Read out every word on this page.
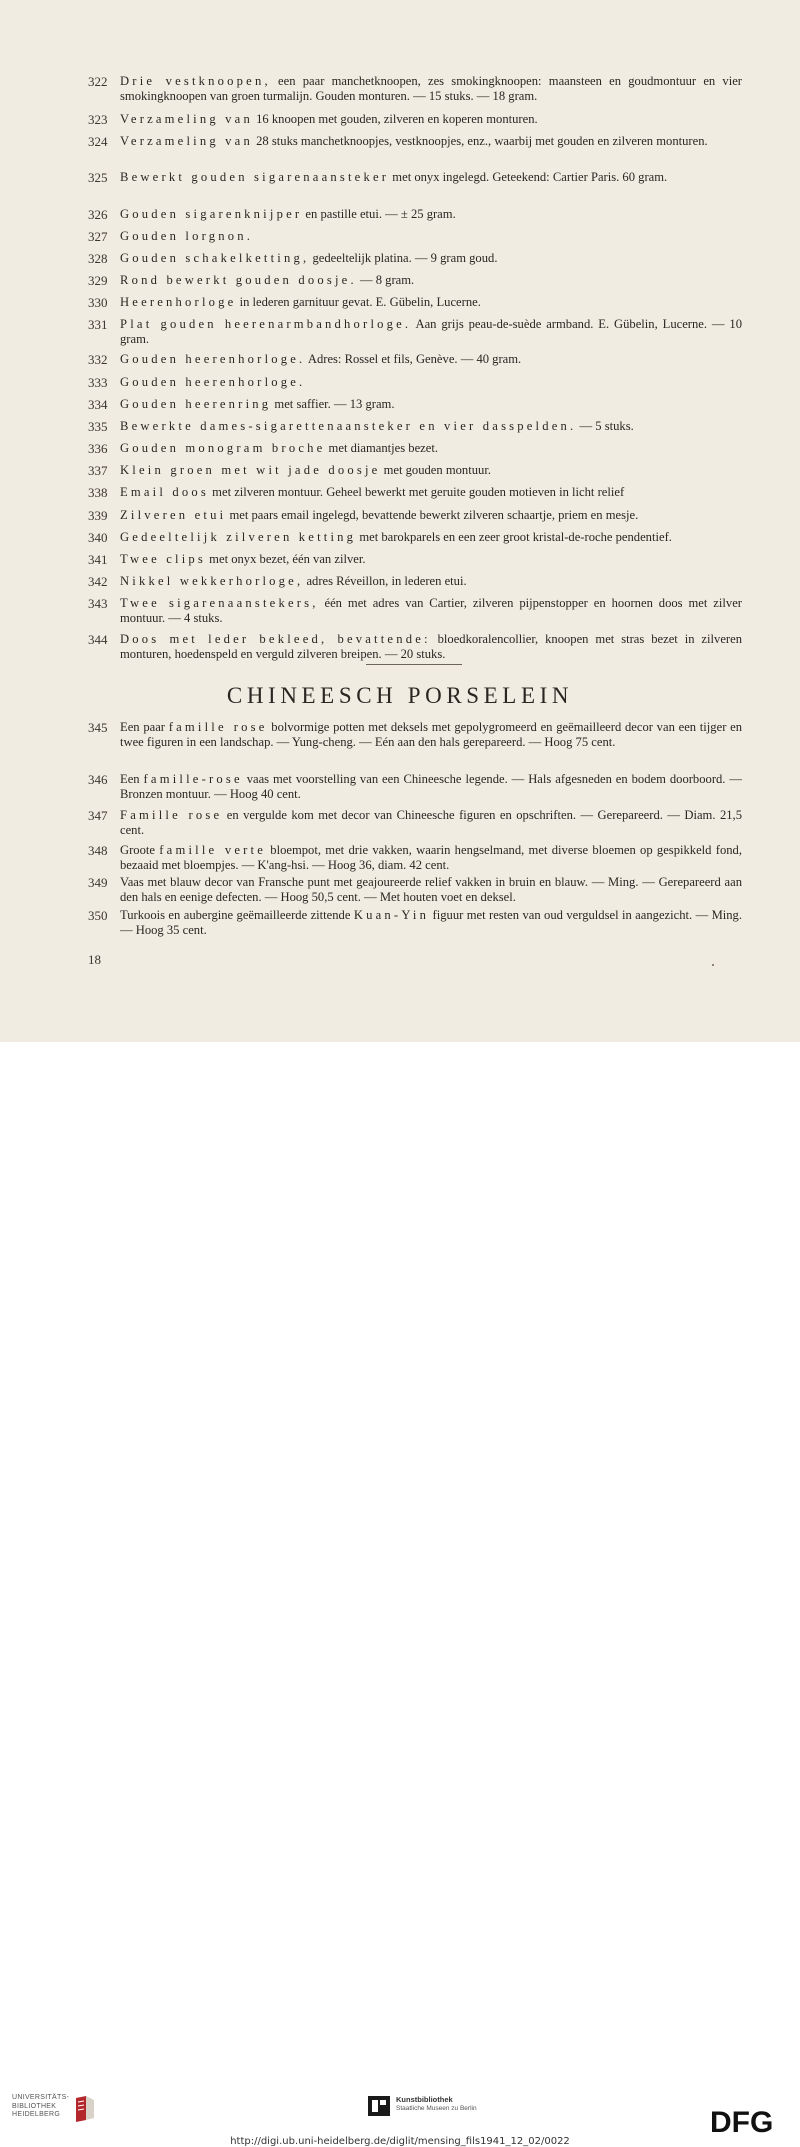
322 Drie vestknoopen, een paar manchetknoopen, zes smokingknoopen: maansteen en goudmontuur en vier smokingknoopen van groen turmalijn. Gouden monturen. — 15 stuks. — 18 gram.
323 Verzameling van 16 knoopen met gouden, zilveren en koperen monturen.
324 Verzameling van 28 stuks manchetknoopjes, vestknoopjes, enz., waarbij met gouden en zilveren monturen.
325 Bewerkt gouden sigarenaansteker met onyx ingelegd. Geteekend: Cartier Paris. 60 gram.
326 Gouden sigarenknijper en pastille etui. — ± 25 gram.
327 Gouden lorgnon.
328 Gouden schakelketting, gedeeltelijk platina. — 9 gram goud.
329 Rond bewerkt gouden doosje. — 8 gram.
330 Heerenhorloge in lederen garnituur gevat. E. Gübelin, Lucerne.
331 Plat gouden heerenarmbandhorloge. Aan grijs peau-de-suède armband. E. Gübelin, Lucerne. — 10 gram.
332 Gouden heerenhorloge. Adres: Rossel et fils, Genève. — 40 gram.
333 Gouden heerenhorloge.
334 Gouden heerenring met saffier. — 13 gram.
335 Bewerkte dames-sigarettenaansteker en vier dasspelden. — 5 stuks.
336 Gouden monogram broche met diamantjes bezet.
337 Klein groen met wit jade doosje met gouden montuur.
338 Email doos met zilveren montuur. Geheel bewerkt met geruite gouden motieven in licht relief
339 Zilveren etui met paars email ingelegd, bevattende bewerkt zilveren schaartje, priem en mesje.
340 Gedeeltelijk zilveren ketting met barokparels en een zeer groot kristal-de-roche pendentief.
341 Twee clips met onyx bezet, één van zilver.
342 Nikkel wekkerhorloge, adres Réveillon, in lederen etui.
343 Twee sigarenaanstekers, één met adres van Cartier, zilveren pijpenstopper en hoornen doos met zilver montuur. — 4 stuks.
344 Doos met leder bekleed, bevattende: bloedkoralencollier, knoopen met stras bezet in zilveren monturen, hoedenspeld en verguld zilveren breipen. — 20 stuks.
CHINEESCH PORSELEIN
345 Een paar famille rose bolvormige potten met deksels met gepolygromeerd en geëmailleerd decor van een tijger en twee figuren in een landschap. — Yung-cheng. — Eén aan den hals gerepareerd. — Hoog 75 cent.
346 Een famille-rose vaas met voorstelling van een Chineesche legende. — Hals afgesneden en bodem doorboord. — Bronzen montuur. — Hoog 40 cent.
347 Famille rose en vergulde kom met decor van Chineesche figuren en opschriften. — Gerepareerd. — Diam. 21,5 cent.
348 Groote famille verte bloempot, met drie vakken, waarin hengselmand, met diverse bloemen op gespikkeld fond, bezaaid met bloempjes. — K'ang-hsi. — Hoog 36, diam. 42 cent.
349 Vaas met blauw decor van Fransche punt met geajoureerde relief vakken in bruin en blauw. — Ming. — Gerepareerd aan den hals en eenige defecten. — Hoog 50,5 cent. — Met houten voet en deksel.
350 Turkoois en aubergine geëmailleerde zittende Kuan-Yin figuur met resten van oud verguldsel in aangezicht. — Ming. — Hoog 35 cent.
18
UNIVERSITÄTS-
BIBLIOTHEK
HEIDELBERG
Kunstbibliothek
Staatliche Museen zu Berlin	DFG
http://digi.ub.uni-heidelberg.de/diglit/mensing_fils1941_12_02/0022
